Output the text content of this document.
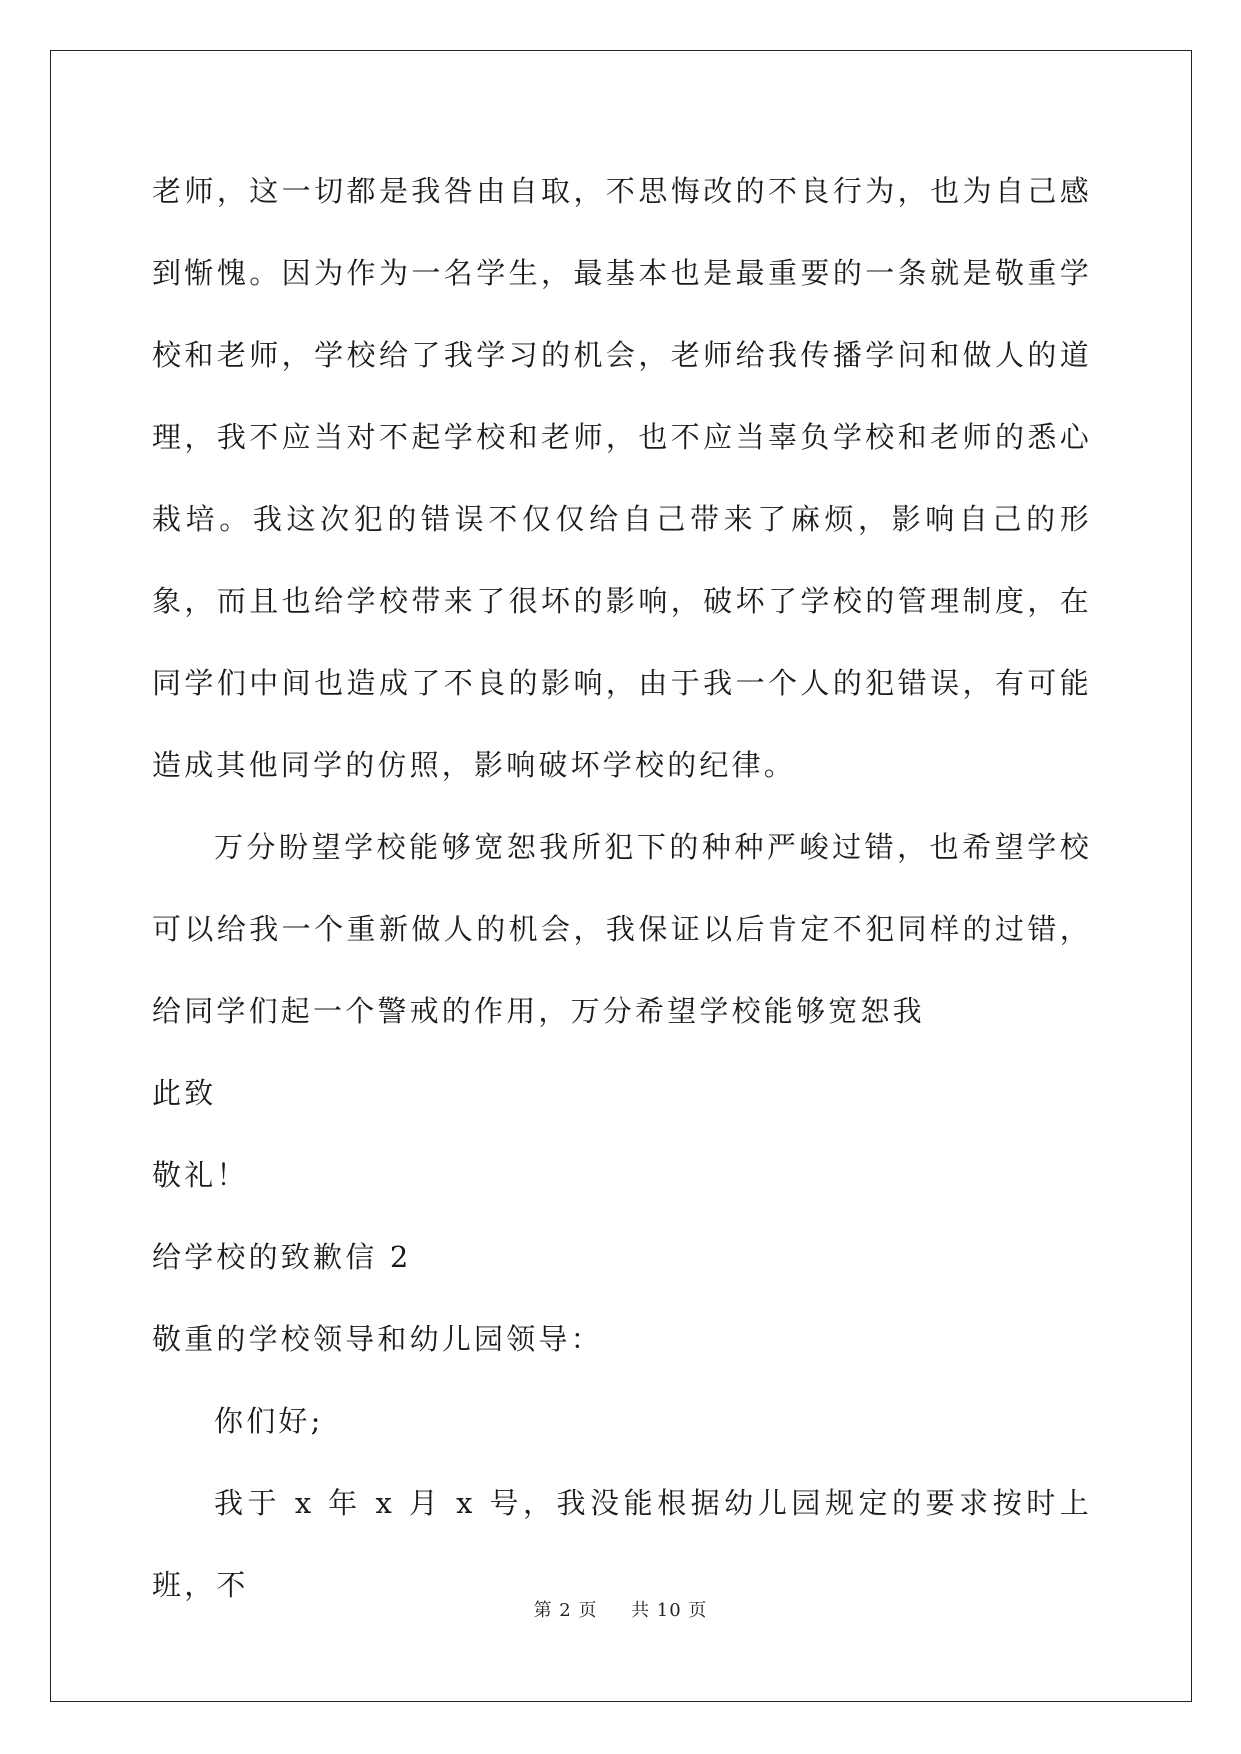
老师，这一切都是我咎由自取，不思悔改的不良行为，也为自己感到惭愧。因为作为一名学生，最基本也是最重要的一条就是敬重学校和老师，学校给了我学习的机会，老师给我传播学问和做人的道理，我不应当对不起学校和老师，也不应当辜负学校和老师的悉心栽培。我这次犯的错误不仅仅给自己带来了麻烦，影响自己的形象，而且也给学校带来了很坏的影响，破坏了学校的管理制度，在同学们中间也造成了不良的影响，由于我一个人的犯错误，有可能造成其他同学的仿照，影响破坏学校的纪律。

万分盼望学校能够宽恕我所犯下的种种严峻过错，也希望学校可以给我一个重新做人的机会，我保证以后肯定不犯同样的过错，给同学们起一个警戒的作用，万分希望学校能够宽恕我

此致

敬礼！

给学校的致歉信 2

敬重的学校领导和幼儿园领导：

你们好;

我于 x 年 x 月 x 号，我没能根据幼儿园规定的要求按时上班，不

第 2 页 共 10 页
